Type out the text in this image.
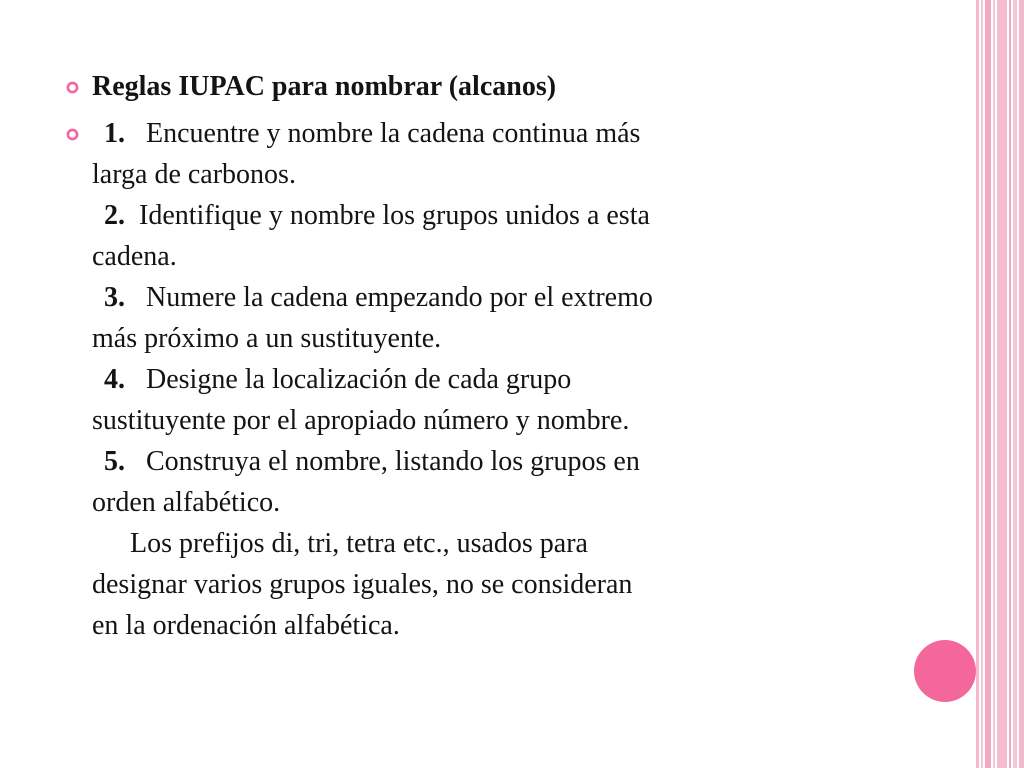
Reglas IUPAC para nombrar (alcanos)
1. Encuentre y nombre la cadena continua más
larga de carbonos.
2. Identifique y nombre los grupos unidos a esta
cadena.
3. Numere la cadena empezando por el extremo
más próximo a un sustituyente.
4. Designe la localización de cada grupo
sustituyente por el apropiado número y nombre.
5. Construya el nombre, listando los grupos en
orden alfabético.
Los prefijos di, tri, tetra etc., usados para
designar varios grupos iguales, no se consideran
en la ordenación alfabética.
